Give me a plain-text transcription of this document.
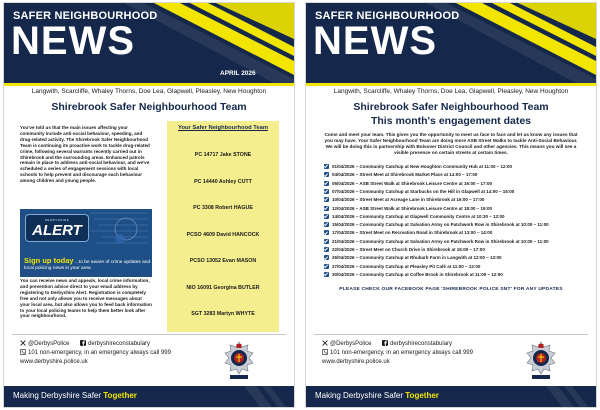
SAFER NEIGHBOURHOOD
NEWS
APRIL 2026
Langwith, Scarcliffe, Whaley Thorns, Doe Lea, Glapwell, Pleasley, New Houghton
Shirebrook Safer Neighbourhood Team
You've told us that the main issues affecting your community include anti-social behaviour, speeding, and drug-related activity. The Shirebrook Safer Neighbourhood Team is continuing its proactive work to tackle drug-related crime, following several warrants recently carried out in Shirebrook and the surrounding areas. Enhanced patrols remain in place to address anti-social behaviour, and we've scheduled a series of engagement sessions with local schools to help prevent and discourage such behaviour among children and young people.
DERBYSHIRE
ALERT
Sign up today ...to be aware of crime updates and local policing news in your area
You can receive news and appeals, local crime information, and prevention advice direct to your email address by registering to Derbyshire Alert. Registration is completely free and not only allows you to receive messages about your local area, but also allows you to feed back information to your local policing teams to help them better look after your neighbourhood.
Your Safer Neighbourhood Team
PC 14717 Jake STONE
PC 14440 Ashley CUTT
PC 3308 Robert HAGUE
PCSO 4609 David HANCOCK
PCSO 13052 Evan MASON
NIO 16091 Georgina BUTLER
SGT 3283 Martyn WHYTE
@DerbysPolice	derbyshireconstabulary
101 non-emergency, in an emergency always call 999
www.derbyshire.police.uk
Making Derbyshire Safer Together
SAFER NEIGHBOURHOOD
NEWS
Langwith, Scarcliffe, Whaley Thorns, Doe Lea, Glapwell, Pleasley, New Houghton
Shirebrook Safer Neighbourhood Team
This month's engagement dates
Come and meet your team. This gives you the opportunity to meet us face to face and let us know any issues that you may have. Your Safer Neighbourhood Team are doing more ASB Street Walks to tackle Anti-Social Behaviour. We will be doing this in partnership with Bolsover District Council and other agencies. This means you will see a visible presence on certain streets at certain times.
01/04/2026 – Community Catchup at New Houghton Community Hub at 11:00 – 12:00
04/04/2026 – Street Meet at Shirebrook Market Place at 14:00 – 17:00
05/04/2026 – ASB Street Walk at Shirebrook Leisure Centre at 16:00 – 17:00
07/04/2026 – Community Catchup at Starbucks on the Hill in Glapwell at 14:00 – 15:00
10/04/2026 – Street Meet at Acreage Lane in Shirebrook at 16:00 – 17:00
12/04/2026 – ASB Street Walk at Shirebrook Leisure Centre at 18:00 – 19:00
14/04/2026 – Community Catchup at Glapwell Community Centre at 10:30 – 12:00
15/04/2026 – Community Catchup at Salvation Army on Patchwork Row in Shirebrook at 10:00 – 11:00
17/04/2026 – Street Meet on Recreation Road in Shirebrook at 13:00 – 14:00
21/04/2026 – Community Catchup at Salvation Army on Patchwork Row in Shirebrook at 10:00 – 11:00
22/04/2026 – Street Meet on Church Drive in Shirebrook at 16:00 – 17:00
26/04/2026 – Community Catchup at Rhubarb Farm in Langwith at 12:00 – 13:00
27/04/2026 – Community Catchup at Pleasley Pit Café at 11:00 – 12:00
30/04/2026 – Community Catchup at Coffee Brook in Shirebrook at 11:00 – 12:00
PLEASE CHECK OUR FACEBOOK PAGE 'SHIREBROOK POLICE SNT' FOR ANY UPDATES
@DerbysPolice	derbyshireconstabulary
101 non-emergency, in an emergency always call 999
www.derbyshire.police.uk
Making Derbyshire Safer Together
